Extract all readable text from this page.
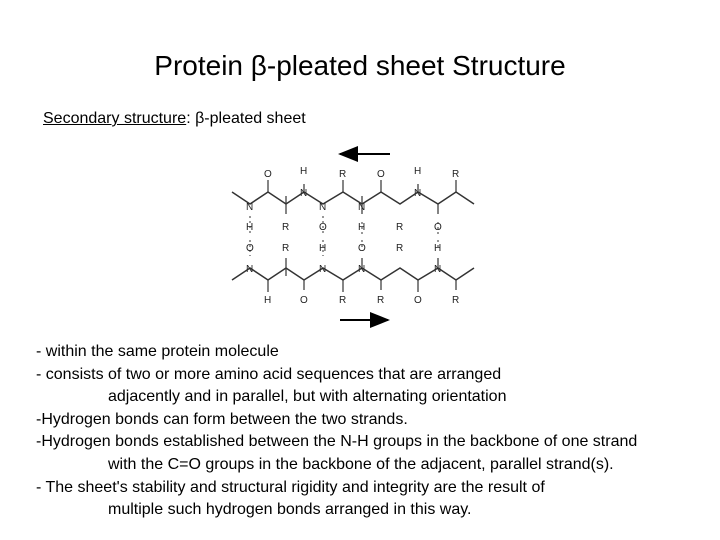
Protein β-pleated sheet Structure
Secondary structure: β-pleated sheet
O	H	R	O	H	R
N	N
N	N	N
H	R	O	H	R	O
O	R	H	O	R	H
N	N	N	N
H	O	R	R	O	R
- within the same protein molecule
- consists of two or more amino acid sequences that are arranged
adjacently and in parallel, but with alternating orientation
-Hydrogen bonds can form between the two strands.
-Hydrogen bonds established between the N-H groups in the backbone of one strand
with the C=O groups in the backbone of the adjacent, parallel strand(s).
- The sheet's stability and structural rigidity and integrity are the result of
multiple such hydrogen bonds arranged in this way.
